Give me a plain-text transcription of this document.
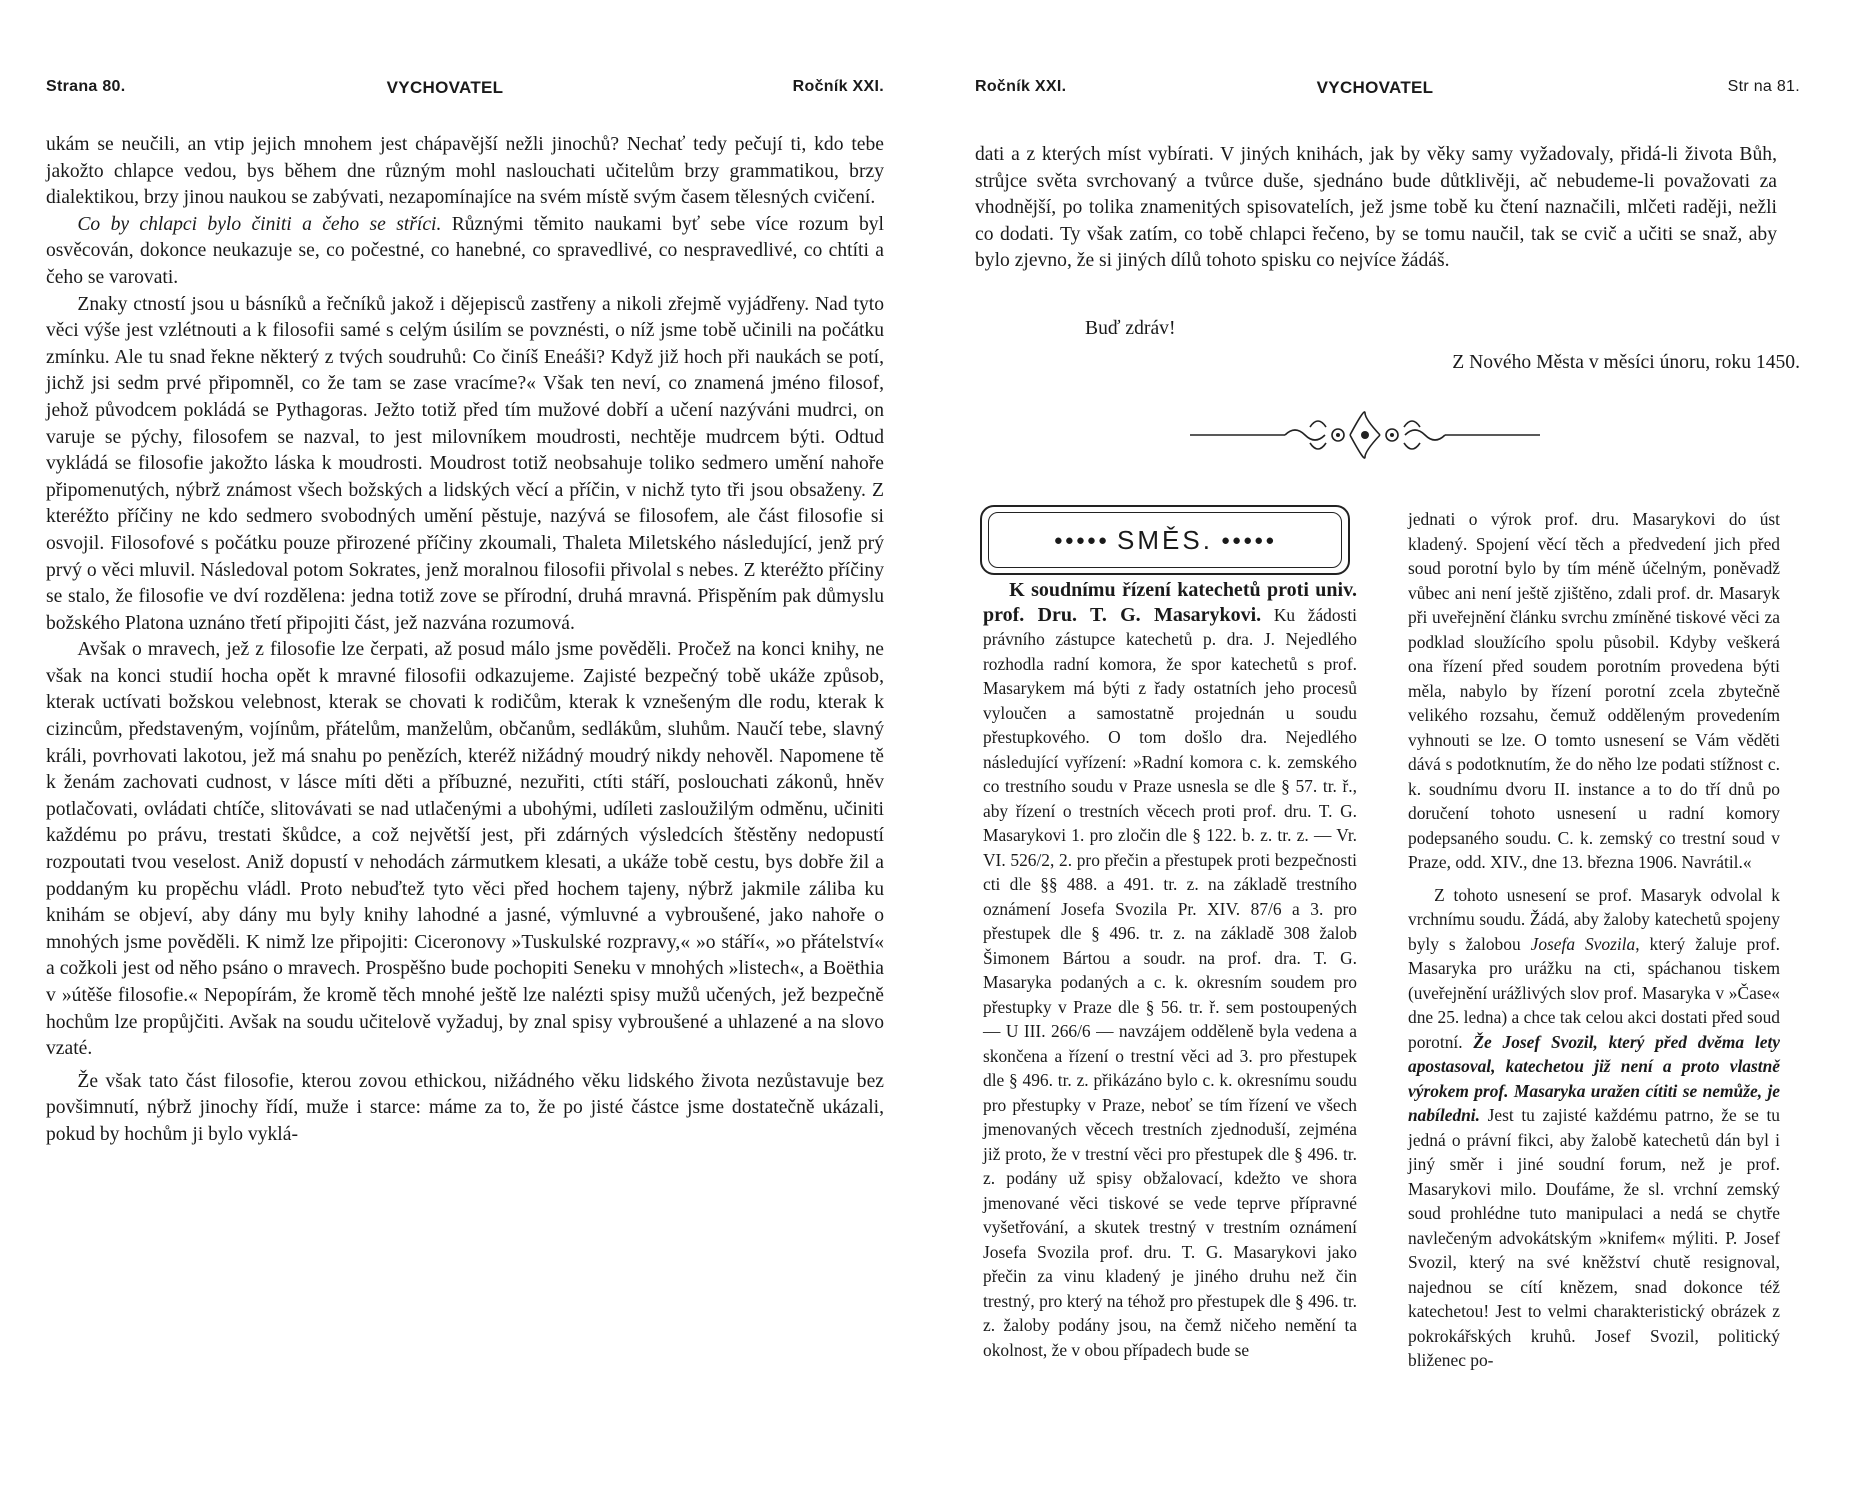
Strana 80.	VYCHOVATEL	Ročník XXI.

ukám se neučili, an vtip jejich mnohem jest chápavější nežli jinochů? Nechať tedy pečují ti, kdo tebe jakožto chlapce vedou, bys během dne různým mohl naslouchati učitelům brzy grammatikou, brzy dialektikou, brzy jinou naukou se zabývati, nezapomínajíce na svém místě svým časem tělesných cvičení.

Co by chlapci bylo činiti a čeho se stříci. Různými těmito naukami byť sebe více rozum byl osvěcován, dokonce neukazuje se, co počestné, co hanebné, co spravedlivé, co nespravedlivé, co chtíti a čeho se varovati.

Znaky ctností jsou u básníků a řečníků jakož i dějepisců zastřeny a nikoli zřejmě vyjádřeny. Nad tyto věci výše jest vzlétnouti a k filosofii samé s celým úsilím se povznésti, o níž jsme tobě učinili na počátku zmínku. Ale tu snad řekne některý z tvých soudruhů: Co činíš Eneáši? Když již hoch při naukách se potí, jichž jsi sedm prvé připomněl, co že tam se zase vracíme?« Však ten neví, co znamená jméno filosof, jehož původcem pokládá se Pythagoras. Ježto totiž před tím mužové dobří a učení nazýváni mudrci, on varuje se pýchy, filosofem se nazval, to jest milovníkem moudrosti, nechtěje mudrcem býti. Odtud vykládá se filosofie jakožto láska k moudrosti. Moudrost totiž neobsahuje toliko sedmero umění nahoře připomenutých, nýbrž známost všech božských a lidských věcí a příčin, v nichž tyto tři jsou obsaženy. Z kteréžto příčiny ne kdo sedmero svobodných umění pěstuje, nazývá se filosofem, ale část filosofie si osvojil. Filosofové s počátku pouze přirozené příčiny zkoumali, Thaleta Miletského následující, jenž prý prvý o věci mluvil. Následoval potom Sokrates, jenž moralnou filosofii přivolal s nebes. Z kteréžto příčiny se stalo, že filosofie ve dví rozdělena: jedna totiž zove se přírodní, druhá mravná. Přispěním pak důmyslu božského Platona uznáno třetí připojiti část, jež nazvána rozumová.

Avšak o mravech, jež z filosofie lze čerpati, až posud málo jsme pověděli. Pročež na konci knihy, ne však na konci studií hocha opět k mravné filosofii odkazujeme. Zajisté bezpečný tobě ukáže způsob, kterak uctívati božskou velebnost, kterak se chovati k rodičům, kterak k vznešeným dle rodu, kterak k cizincům, představeným, vojínům, přátelům, manželům, občanům, sedlákům, sluhům. Naučí tebe, slavný králi, povrhovati lakotou, jež má snahu po penězích, kteréž nižádný moudrý nikdy nehověl. Napomene tě k ženám zachovati cudnost, v lásce míti děti a příbuzné, nezuřiti, ctíti stáří, poslouchati zákonů, hněv potlačovati, ovládati chtíče, slitovávati se nad utlačenými a ubohými, udíleti zasloužilým odměnu, učiniti každému po právu, trestati škůdce, a což největší jest, při zdárných výsledcích štěstěny nedopustí rozpoutati tvou veselost. Aniž dopustí v nehodách zármutkem klesati, a ukáže tobě cestu, bys dobře žil a poddaným ku propěchu vládl. Proto nebuďtež tyto věci před hochem tajeny, nýbrž jakmile záliba ku knihám se objeví, aby dány mu byly knihy lahodné a jasné, výmluvné a vybroušené, jako nahoře o mnohých jsme pověděli. K nimž lze připojiti: Ciceronovy »Tuskulské rozpravy,« »o stáří«, »o přátelství« a cožkoli jest od něho psáno o mravech. Prospěšno bude pochopiti Seneku v mnohých »listech«, a Boëthia v »útěše filosofie.« Nepopírám, že kromě těch mnohé ještě lze nalézti spisy mužů učených, jež bezpečně hochům lze propůjčiti. Avšak na soudu učitelově vyžaduj, by znal spisy vybroušené a uhlazené a na slovo vzaté.

Že však tato část filosofie, kterou zovou ethickou, nižádného věku lidského života nezůstavuje bez povšimnutí, nýbrž jinochy řídí, muže i starce: máme za to, že po jisté částce jsme dostatečně ukázali, pokud by hochům ji bylo vyklá-

Ročník XXI.	VYCHOVATEL	Str na 81.

dati a z kterých míst vybírati. V jiných knihách, jak by věky samy vyžadovaly, přidá-li života Bůh, strůjce světa svrchovaný a tvůrce duše, sjednáno bude důtklivěji, ač nebudeme-li považovati za vhodnější, po tolika znamenitých spisovatelích, jež jsme tobě ku čtení naznačili, mlčeti raději, nežli co dodati. Ty však zatím, co tobě chlapci řečeno, by se tomu naučil, tak se cvič a učiti se snaž, aby bylo zjevno, že si jiných dílů tohoto spisku co nejvíce žádáš.

Buď zdráv!
Z Nového Města v měsíci únoru, roku 1450.
●●●●● SMĚS. ●●●●●

K soudnímu řízení katechetů proti univ. prof. Dru. T. G. Masarykovi. Ku žádosti právního zástupce katechetů p. dra. J. Nejedlého rozhodla radní komora, že spor katechetů s prof. Masarykem má býti z řady ostatních jeho procesů vyloučen a samostatně projednán u soudu přestupkového. O tom došlo dra. Nejedlého následující vyřízení: »Radní komora c. k. zemského co trestního soudu v Praze usnesla se dle § 57. tr. ř., aby řízení o trestních věcech proti prof. dru. T. G. Masarykovi 1. pro zločin dle § 122. b. z. tr. z. — Vr. VI. 526/2, 2. pro přečin a přestupek proti bezpečnosti cti dle §§ 488. a 491. tr. z. na základě trestního oznámení Josefa Svozila Pr. XIV. 87/6 a 3. pro přestupek dle § 496. tr. z. na základě 308 žalob Šimonem Bártou a soudr. na prof. dra. T. G. Masaryka podaných a c. k. okresním soudem pro přestupky v Praze dle § 56. tr. ř. sem postoupených — U III. 266/6 — navzájem odděleně byla vedena a skončena a řízení o trestní věci ad 3. pro přestupek dle § 496. tr. z. přikázáno bylo c. k. okresnímu soudu pro přestupky v Praze, neboť se tím řízení ve všech jmenovaných věcech trestních zjednoduší, zejména již proto, že v trestní věci pro přestupek dle § 496. tr. z. podány už spisy obžalovací, kdežto ve shora jmenované věci tiskové se vede teprve přípravné vyšetřování, a skutek trestný v trestním oznámení Josefa Svozila prof. dru. T. G. Masarykovi jako přečin za vinu kladený je jiného druhu než čin trestný, pro který na téhož pro přestupek dle § 496. tr. z. žaloby podány jsou, na čemž ničeho nemění ta okolnost, že v obou případech bude se

jednati o výrok prof. dru. Masarykovi do úst kladený. Spojení věcí těch a předvedení jich před soud porotní bylo by tím méně účelným, poněvadž vůbec ani není ještě zjištěno, zdali prof. dr. Masaryk při uveřejnění článku svrchu zmíněné tiskové věci za podklad sloužícího spolu působil. Kdyby veškerá ona řízení před soudem porotním provedena býti měla, nabylo by řízení porotní zcela zbytečně velikého rozsahu, čemuž odděleným provedením vyhnouti se lze. O tomto usnesení se Vám věděti dává s podotknutím, že do něho lze podati stížnost c. k. soudnímu dvoru II. instance a to do tří dnů po doručení tohoto usnesení u radní komory podepsaného soudu. C. k. zemský co trestní soud v Praze, odd. XIV., dne 13. března 1906. Navrátil.«

Z tohoto usnesení se prof. Masaryk odvolal k vrchnímu soudu. Žádá, aby žaloby katechetů spojeny byly s žalobou Josefa Svozila, který žaluje prof. Masaryka pro urážku na cti, spáchanou tiskem (uveřejnění urážlivých slov prof. Masaryka v »Čase« dne 25. ledna) a chce tak celou akci dostati před soud porotní. Že Josef Svozil, který před dvěma lety apostasoval, katechetou již není a proto vlastně výrokem prof. Masaryka uražen cítiti se nemůže, je nabíledni. Jest tu zajisté každému patrno, že se tu jedná o právní fikci, aby žalobě katechetů dán byl i jiný směr i jiné soudní forum, než je prof. Masarykovi milo. Doufáme, že sl. vrchní zemský soud prohlédne tuto manipulaci a nedá se chytře navlečeným advokátským »knifem« mýliti. P. Josef Svozil, který na své kněžství chutě resignoval, najednou se cítí knězem, snad dokonce též katechetou! Jest to velmi charakteristický obrázek z pokrokářských kruhů. Josef Svozil, politický bliženec po-
